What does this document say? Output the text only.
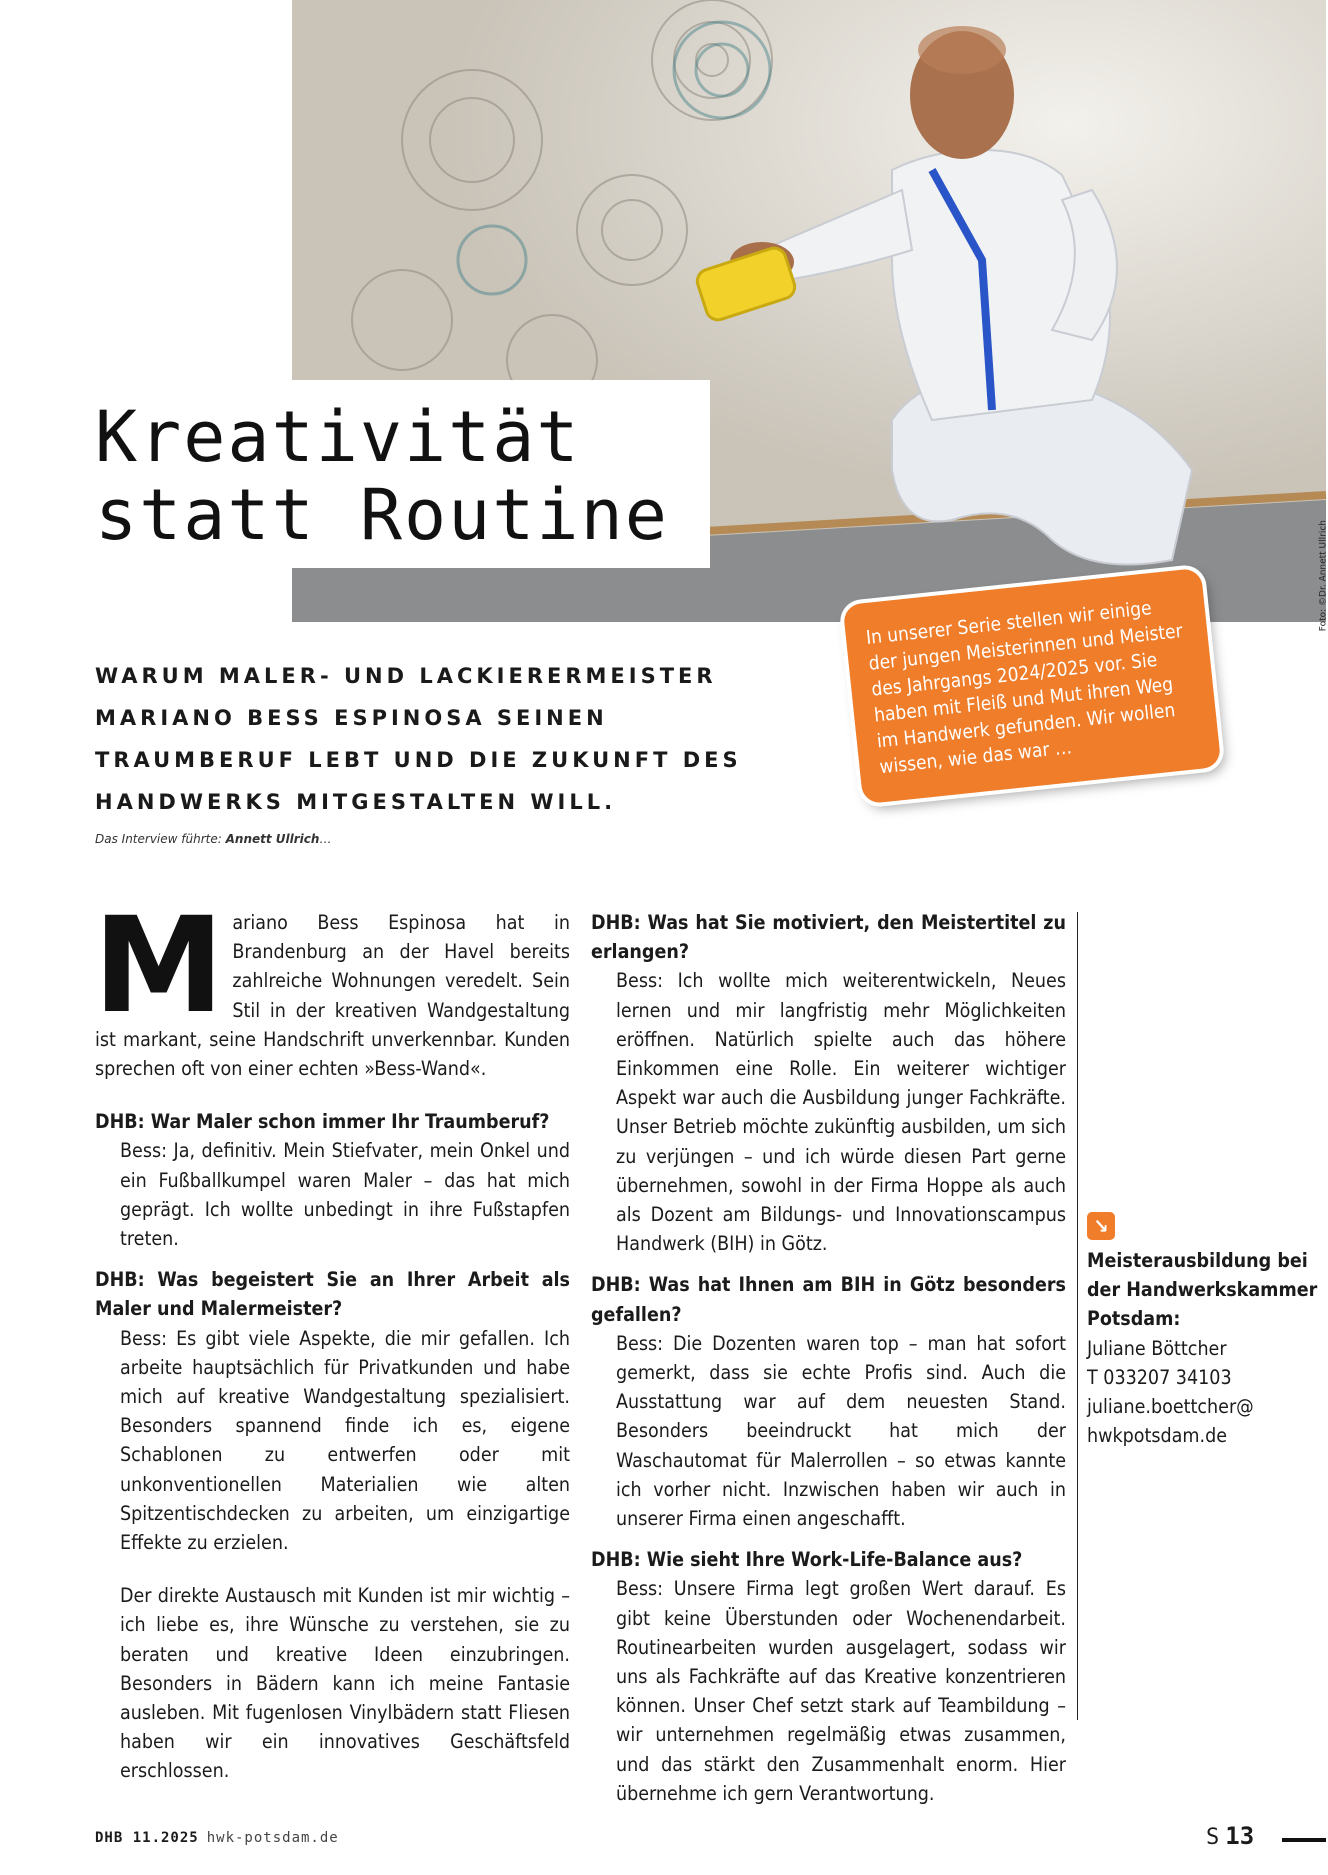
Foto: ©Dr. Annett Ullrich
Kreativität
statt Routine

WARUM MALER- UND LACKIERERMEISTER MARIANO BESS ESPINOSA SEINEN TRAUMBERUF LEBT UND DIE ZUKUNFT DES HANDWERKS MITGESTALTEN WILL.

In unserer Serie stellen wir einige der jungen Meisterinnen und Meister des Jahrgangs 2024/2025 vor. Sie haben mit Fleiß und Mut ihren Weg im Handwerk gefunden. Wir wollen wissen, wie das war …
Das Interview führte: Annett Ullrich…

Mariano Bess Espinosa hat in Brandenburg an der Havel bereits zahlreiche Wohnungen veredelt. Sein Stil in der kreativen Wandgestaltung ist markant, seine Handschrift unverkennbar. Kunden sprechen oft von einer echten »Bess-Wand«.

DHB: War Maler schon immer Ihr Traumberuf?

Bess: Ja, definitiv. Mein Stiefvater, mein Onkel und ein Fußballkumpel waren Maler – das hat mich geprägt. Ich wollte unbedingt in ihre Fußstapfen treten.

DHB: Was begeistert Sie an Ihrer Arbeit als Maler und Malermeister?

Bess: Es gibt viele Aspekte, die mir gefallen. Ich arbeite hauptsächlich für Privatkunden und habe mich auf kreative Wandgestaltung spezialisiert. Besonders spannend finde ich es, eigene Schablonen zu entwerfen oder mit unkonventionellen Materialien wie alten Spitzentischdecken zu arbeiten, um einzigartige Effekte zu erzielen.

Der direkte Austausch mit Kunden ist mir wichtig – ich liebe es, ihre Wünsche zu verstehen, sie zu beraten und kreative Ideen einzubringen. Besonders in Bädern kann ich meine Fantasie ausleben. Mit fugenlosen Vinylbädern statt Fliesen haben wir ein innovatives Geschäftsfeld erschlossen.

DHB: Was hat Sie motiviert, den Meistertitel zu erlangen?

Bess: Ich wollte mich weiterentwickeln, Neues lernen und mir langfristig mehr Möglichkeiten eröffnen. Natürlich spielte auch das höhere Einkommen eine Rolle. Ein weiterer wichtiger Aspekt war auch die Ausbildung junger Fachkräfte. Unser Betrieb möchte zukünftig ausbilden, um sich zu verjüngen – und ich würde diesen Part gerne übernehmen, sowohl in der Firma Hoppe als auch als Dozent am Bildungs- und Innovationscampus Handwerk (BIH) in Götz.

DHB: Was hat Ihnen am BIH in Götz besonders gefallen?

Bess: Die Dozenten waren top – man hat sofort gemerkt, dass sie echte Profis sind. Auch die Ausstattung war auf dem neuesten Stand. Besonders beeindruckt hat mich der Waschautomat für Malerrollen – so etwas kannte ich vorher nicht. Inzwischen haben wir auch in unserer Firma einen angeschafft.

DHB: Wie sieht Ihre Work-Life-Balance aus?

Bess: Unsere Firma legt großen Wert darauf. Es gibt keine Überstunden oder Wochenendarbeit. Routinearbeiten wurden ausgelagert, sodass wir uns als Fachkräfte auf das Kreative konzentrieren können. Unser Chef setzt stark auf Teambildung – wir unternehmen regelmäßig etwas zusammen, und das stärkt den Zusammenhalt enorm. Hier übernehme ich gern Verantwortung.

↘
Meisterausbildung bei der Handwerkskammer Potsdam:
Juliane Böttcher
T 033207 34103
juliane.boettcher@
hwkpotsdam.de
DHB 11.2025 hwk-potsdam.de	S 13
